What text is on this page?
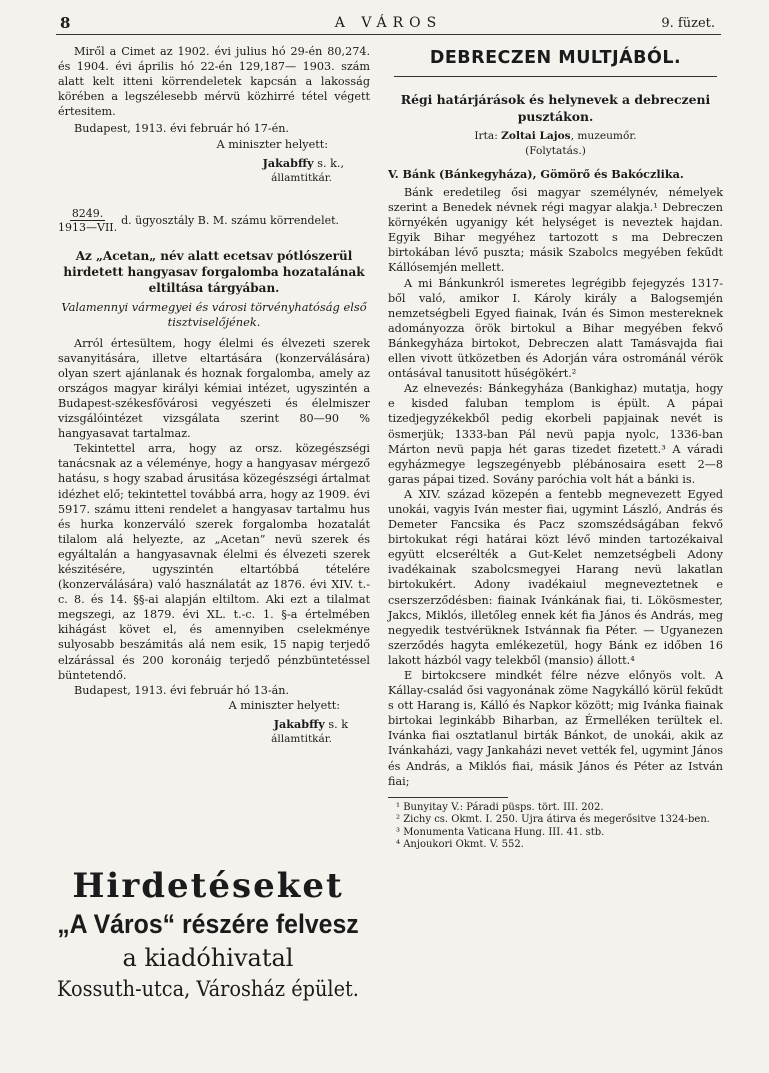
8	A VÁROS	9. füzet.

Miről a Cimet az 1902. évi julius hó 29-én 80,274. és 1904. évi április hó 22-én 129,187— 1903. szám alatt kelt itteni körrendeletek kapcsán a lakosság körében a legszélesebb mérvü közhirré tétel végett értesitem.

Budapest, 1913. évi február hó 17-én.

A miniszter helyett:
Jakabffy s. k.,
államtitkár.
$\frac{8249.}{\text{1913—VII.}} d$. ügyosztály B. M. számu körrendelet.
Az „Acetan„ név alatt ecetsav pótlószerül hirdetett hangyasav forgalomba hozatalának eltiltása tárgyában.
Valamennyi vármegyei és városi törvényhatóság első tisztviselőjének.

Arról értesültem, hogy élelmi és élvezeti szerek savanyitására, illetve eltartására (konzerválására) olyan szert ajánlanak és hoznak forgalomba, amely az országos magyar királyi kémiai intézet, ugyszintén a Budapest-székesfővárosi vegyészeti és élelmiszer vizsgálóintézet vizsgálata szerint 80—90 % hangyasavat tartalmaz.

Tekintettel arra, hogy az orsz. közegészségi tanácsnak az a véleménye, hogy a hangyasav mérgező hatásu, s hogy szabad árusitása közegészségi ártalmat idézhet elő; tekintettel továbbá arra, hogy az 1909. évi 5917. számu itteni rendelet a hangyasav tartalmu hus és hurka konzerváló szerek forgalomba hozatalát tilalom alá helyezte, az „Acetan” nevü szerek és egyáltalán a hangyasavnak élelmi és élvezeti szerek készitésére, ugyszintén eltartóbbá tételére (konzerválására) való használatát az 1876. évi XIV. t.-c. 8. és 14. §§-ai alapján eltiltom. Aki ezt a tilalmat megszegi, az 1879. évi XL. t.-c. 1. §-a értelmében kihágást követ el, és amennyiben cselekménye sulyosabb beszámitás alá nem esik, 15 napig terjedő elzárással és 200 koronáig terjedő pénzbüntetéssel büntetendő.

Budapest, 1913. évi február hó 13-án.

A miniszter helyett:
Jakabffy s. k
államtitkár.
Hirdetéseket
„A Város“ részére felvesz
a kiadóhivatal
Kossuth-utca, Városház épület.
DEBRECZEN MULTJÁBÓL.
Régi határjárások és helynevek a debreczeni pusztákon.
Irta: Zoltai Lajos, muzeumőr.
(Folytatás.)
V. Bánk (Bánkegyháza), Gömörő és Bakóczlika.

Bánk eredetileg ősi magyar személynév, némelyek szerint a Benedek névnek régi magyar alakja.¹ Debreczen környékén ugyanigy két helységet is neveztek hajdan. Egyik Bihar megyéhez tartozott s ma Debreczen birtokában lévő puszta; másik Szabolcs megyében fekűdt Kállósemjén mellett.

A mi Bánkunkról ismeretes legrégibb fejegyzés 1317-ből való, amikor I. Károly király a Balogsemjén nemzetségbeli Egyed fiainak, Iván és Simon mestereknek adományozza örök birtokul a Bihar megyében fekvő Bánkegyháza birtokot, Debreczen alatt Tamásvajda fiai ellen vivott ütközetben és Adorján vára ostrománál vérök ontásával tanusitott hűségökért.²

Az elnevezés: Bánkegyháza (Bankighaz) mutatja, hogy e kisded faluban templom is épült. A pápai tizedjegyzékekből pedig ekorbeli papjainak nevét is ösmerjük; 1333-ban Pál nevü papja nyolc, 1336-ban Márton nevü papja hét garas tizedet fizetett.³ A váradi egyházmegye legszegényebb plébánosaira esett 2—8 garas pápai tized. Sovány paróchia volt hát a bánki is.

A XIV. század közepén a fentebb megnevezett Egyed unokái, vagyis Iván mester fiai, ugymint László, András és Demeter Fancsika és Pacz szomszédságában fekvő birtokukat régi határai közt lévő minden tartozékaival együtt elcserélték a Gut-Kelet nemzetségbeli Adony ivadékainak szabolcsmegyei Harang nevü lakatlan birtokukért. Adony ivadékaiul megneveztetnek e cserszerződésben: fiainak Ivánkának fiai, ti. Lökösmester, Jakcs, Miklós, illetőleg ennek két fia János és András, meg negyedik testvérüknek Istvánnak fia Péter. — Ugyanezen szerződés hagyta emlékezetül, hogy Bánk ez időben 16 lakott házból vagy telekből (mansio) állott.⁴

E birtokcsere mindkét félre nézve előnyös volt. A Kállay-család ősi vagyonának zöme Nagykálló körül fekűdt s ott Harang is, Kálló és Napkor között; mig Ivánka fiainak birtokai leginkább Biharban, az Érmelléken terültek el. Ivánka fiai osztatlanul birták Bánkot, de unokái, akik az Ivánkaházi, vagy Jankaházi nevet vették fel, ugymint János és András, a Miklós fiai, másik János és Péter az István fiai;

¹ Bunyitay V.: Páradi püsps. tört. III. 202.
² Zichy cs. Okmt. I. 250. Ujra átirva és megerősitve 1324-ben.
³ Monumenta Vaticana Hung. III. 41. stb.
⁴ Anjoukori Okmt. V. 552.
